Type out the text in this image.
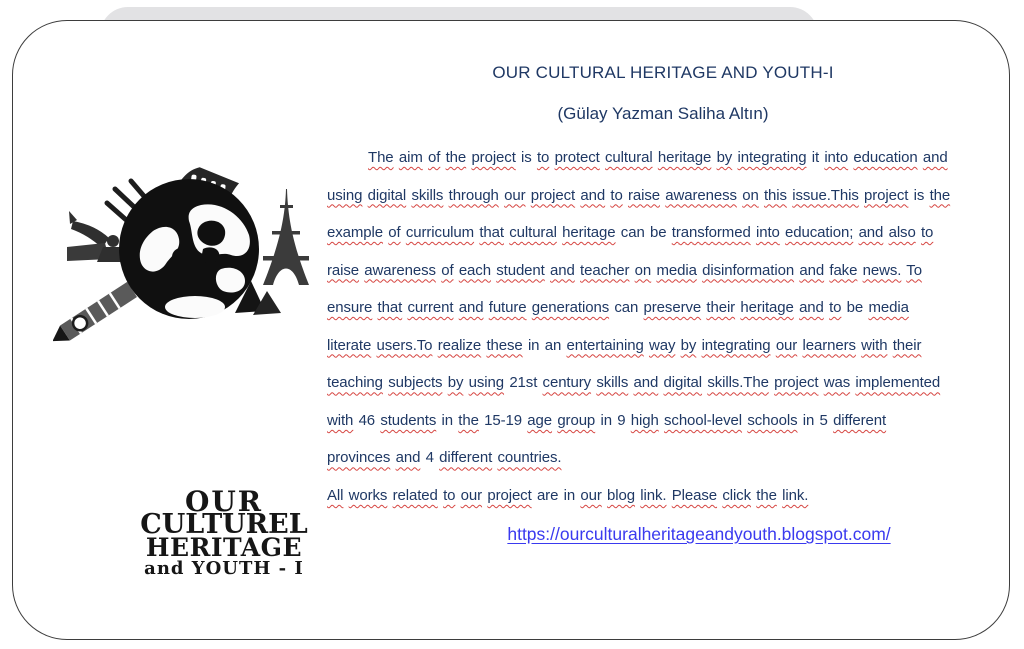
OUR
CULTUREL
HERITAGE
and YOUTH - I
OUR CULTURAL HERITAGE AND YOUTH-I
(Gülay Yazman Saliha Altın)
The aim of the project is to protect cultural heritage by integrating it into education and
using digital skills through our project and to raise awareness on this issue.This project is the
example of curriculum that cultural heritage can be transformed into education; and also to
raise awareness of each student and teacher on media disinformation and fake news. To
ensure that current and future generations can preserve their heritage and to be media
literate users.To realize these in an entertaining way by integrating our learners with their
teaching subjects by using 21st century skills and digital skills.The project was implemented
with 46 students in the 15-19 age group in 9 high school-level schools in 5 different
provinces and 4 different countries.
All works related to our project are in our blog link. Please click the link.
https://ourculturalheritageandyouth.blogspot.com/
